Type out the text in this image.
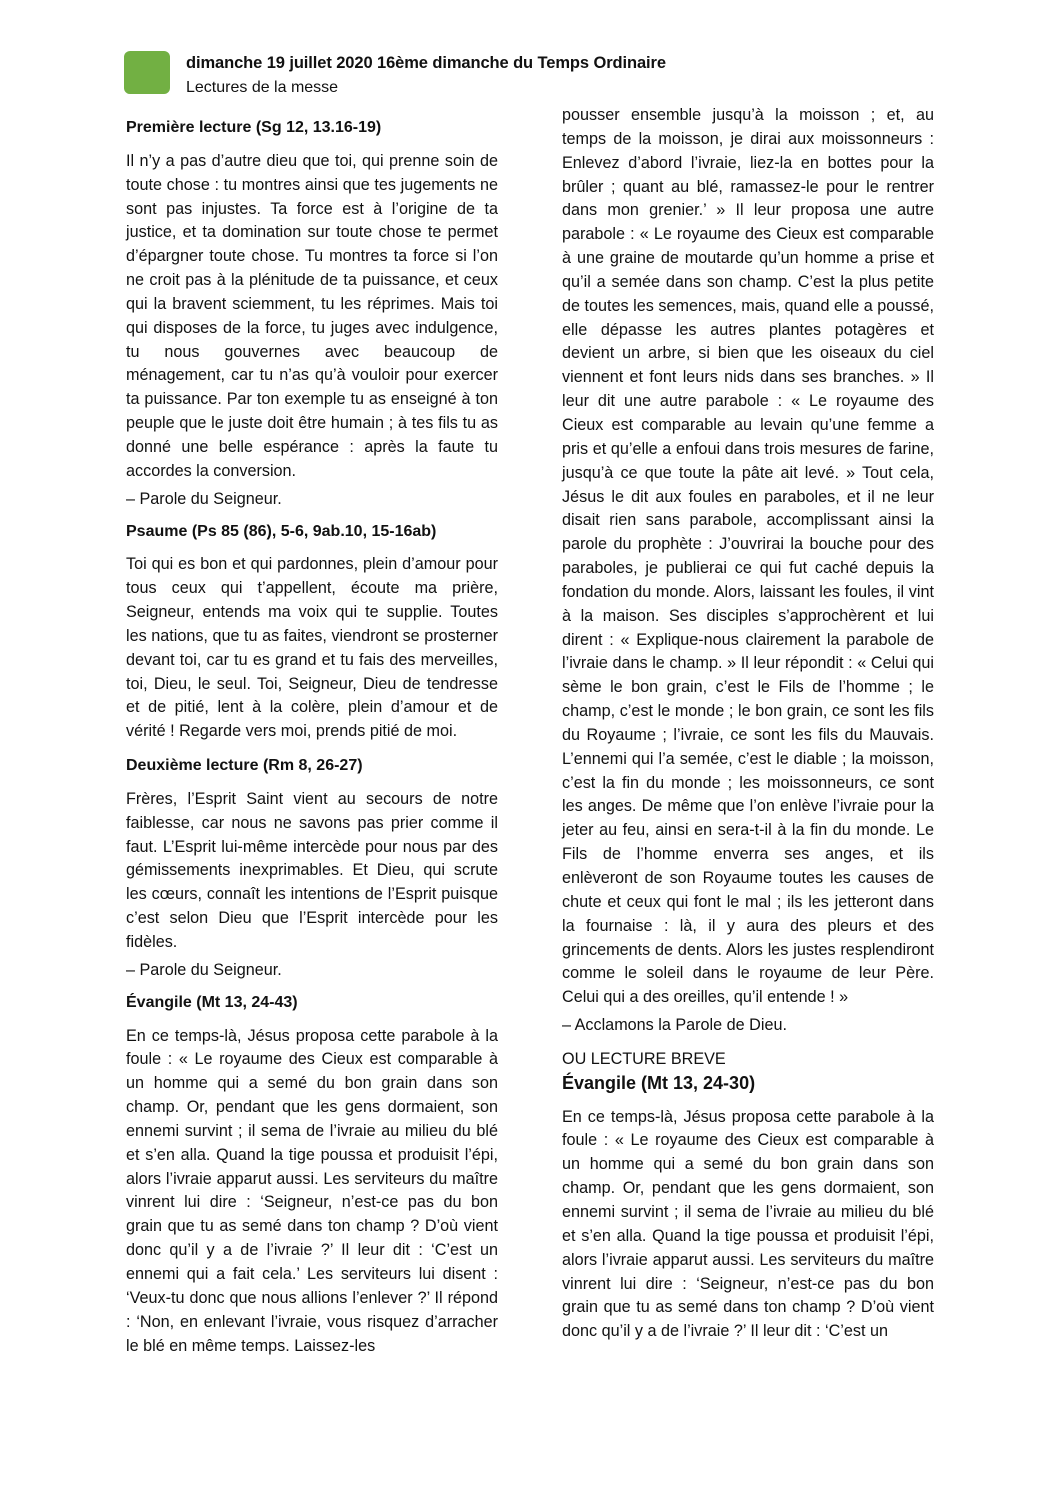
dimanche 19 juillet 2020 16ème dimanche du Temps Ordinaire
Lectures de la messe
Première lecture (Sg 12, 13.16-19)
Il n’y a pas d’autre dieu que toi, qui prenne soin de toute chose : tu montres ainsi que tes jugements ne sont pas injustes. Ta force est à l’origine de ta justice, et ta domination sur toute chose te permet d’épargner toute chose. Tu montres ta force si l’on ne croit pas à la plénitude de ta puissance, et ceux qui la bravent sciemment, tu les réprimes. Mais toi qui disposes de la force, tu juges avec indulgence, tu nous gouvernes avec beaucoup de ménagement, car tu n’as qu’à vouloir pour exercer ta puissance. Par ton exemple tu as enseigné à ton peuple que le juste doit être humain ; à tes fils tu as donné une belle espérance : après la faute tu accordes la conversion.
– Parole du Seigneur.
Psaume (Ps 85 (86), 5-6, 9ab.10, 15-16ab)
Toi qui es bon et qui pardonnes, plein d’amour pour tous ceux qui t’appellent, écoute ma prière, Seigneur, entends ma voix qui te supplie. Toutes les nations, que tu as faites, viendront se prosterner devant toi, car tu es grand et tu fais des merveilles, toi, Dieu, le seul. Toi, Seigneur, Dieu de tendresse et de pitié, lent à la colère, plein d’amour et de vérité ! Regarde vers moi, prends pitié de moi.
Deuxième lecture (Rm 8, 26-27)
Frères, l’Esprit Saint vient au secours de notre faiblesse, car nous ne savons pas prier comme il faut. L’Esprit lui-même intercède pour nous par des gémissements inexprimables. Et Dieu, qui scrute les cœurs, connaît les intentions de l’Esprit puisque c’est selon Dieu que l’Esprit intercède pour les fidèles.
– Parole du Seigneur.
Évangile (Mt 13, 24-43)
En ce temps-là, Jésus proposa cette parabole à la foule : « Le royaume des Cieux est comparable à un homme qui a semé du bon grain dans son champ. Or, pendant que les gens dormaient, son ennemi survint ; il sema de l’ivraie au milieu du blé et s’en alla. Quand la tige poussa et produisit l’épi, alors l’ivraie apparut aussi. Les serviteurs du maître vinrent lui dire : ‘Seigneur, n’est-ce pas du bon grain que tu as semé dans ton champ ? D’où vient donc qu’il y a de l’ivraie ?’ Il leur dit : ‘C’est un ennemi qui a fait cela.’ Les serviteurs lui disent : ‘Veux-tu donc que nous allions l’enlever ?’ Il répond : ‘Non, en enlevant l’ivraie, vous risquez d’arracher le blé en même temps. Laissez-les
pousser ensemble jusqu’à la moisson ; et, au temps de la moisson, je dirai aux moissonneurs : Enlevez d’abord l’ivraie, liez-la en bottes pour la brûler ; quant au blé, ramassez-le pour le rentrer dans mon grenier.’ » Il leur proposa une autre parabole : « Le royaume des Cieux est comparable à une graine de moutarde qu’un homme a prise et qu’il a semée dans son champ. C’est la plus petite de toutes les semences, mais, quand elle a poussé, elle dépasse les autres plantes potagères et devient un arbre, si bien que les oiseaux du ciel viennent et font leurs nids dans ses branches. » Il leur dit une autre parabole : « Le royaume des Cieux est comparable au levain qu’une femme a pris et qu’elle a enfoui dans trois mesures de farine, jusqu’à ce que toute la pâte ait levé. » Tout cela, Jésus le dit aux foules en paraboles, et il ne leur disait rien sans parabole, accomplissant ainsi la parole du prophète : J’ouvrirai la bouche pour des paraboles, je publierai ce qui fut caché depuis la fondation du monde. Alors, laissant les foules, il vint à la maison. Ses disciples s’approchèrent et lui dirent : « Explique-nous clairement la parabole de l’ivraie dans le champ. » Il leur répondit : « Celui qui sème le bon grain, c’est le Fils de l’homme ; le champ, c’est le monde ; le bon grain, ce sont les fils du Royaume ; l’ivraie, ce sont les fils du Mauvais. L’ennemi qui l’a semée, c’est le diable ; la moisson, c’est la fin du monde ; les moissonneurs, ce sont les anges. De même que l’on enlève l’ivraie pour la jeter au feu, ainsi en sera-t-il à la fin du monde. Le Fils de l’homme enverra ses anges, et ils enlèveront de son Royaume toutes les causes de chute et ceux qui font le mal ; ils les jetteront dans la fournaise : là, il y aura des pleurs et des grincements de dents. Alors les justes resplendiront comme le soleil dans le royaume de leur Père. Celui qui a des oreilles, qu’il entende ! »
– Acclamons la Parole de Dieu.
OU LECTURE BREVE
Évangile (Mt 13, 24-30)
En ce temps-là, Jésus proposa cette parabole à la foule : « Le royaume des Cieux est comparable à un homme qui a semé du bon grain dans son champ. Or, pendant que les gens dormaient, son ennemi survint ; il sema de l’ivraie au milieu du blé et s’en alla. Quand la tige poussa et produisit l’épi, alors l’ivraie apparut aussi. Les serviteurs du maître vinrent lui dire : ‘Seigneur, n’est-ce pas du bon grain que tu as semé dans ton champ ? D’où vient donc qu’il y a de l’ivraie ?’ Il leur dit : ‘C’est un
